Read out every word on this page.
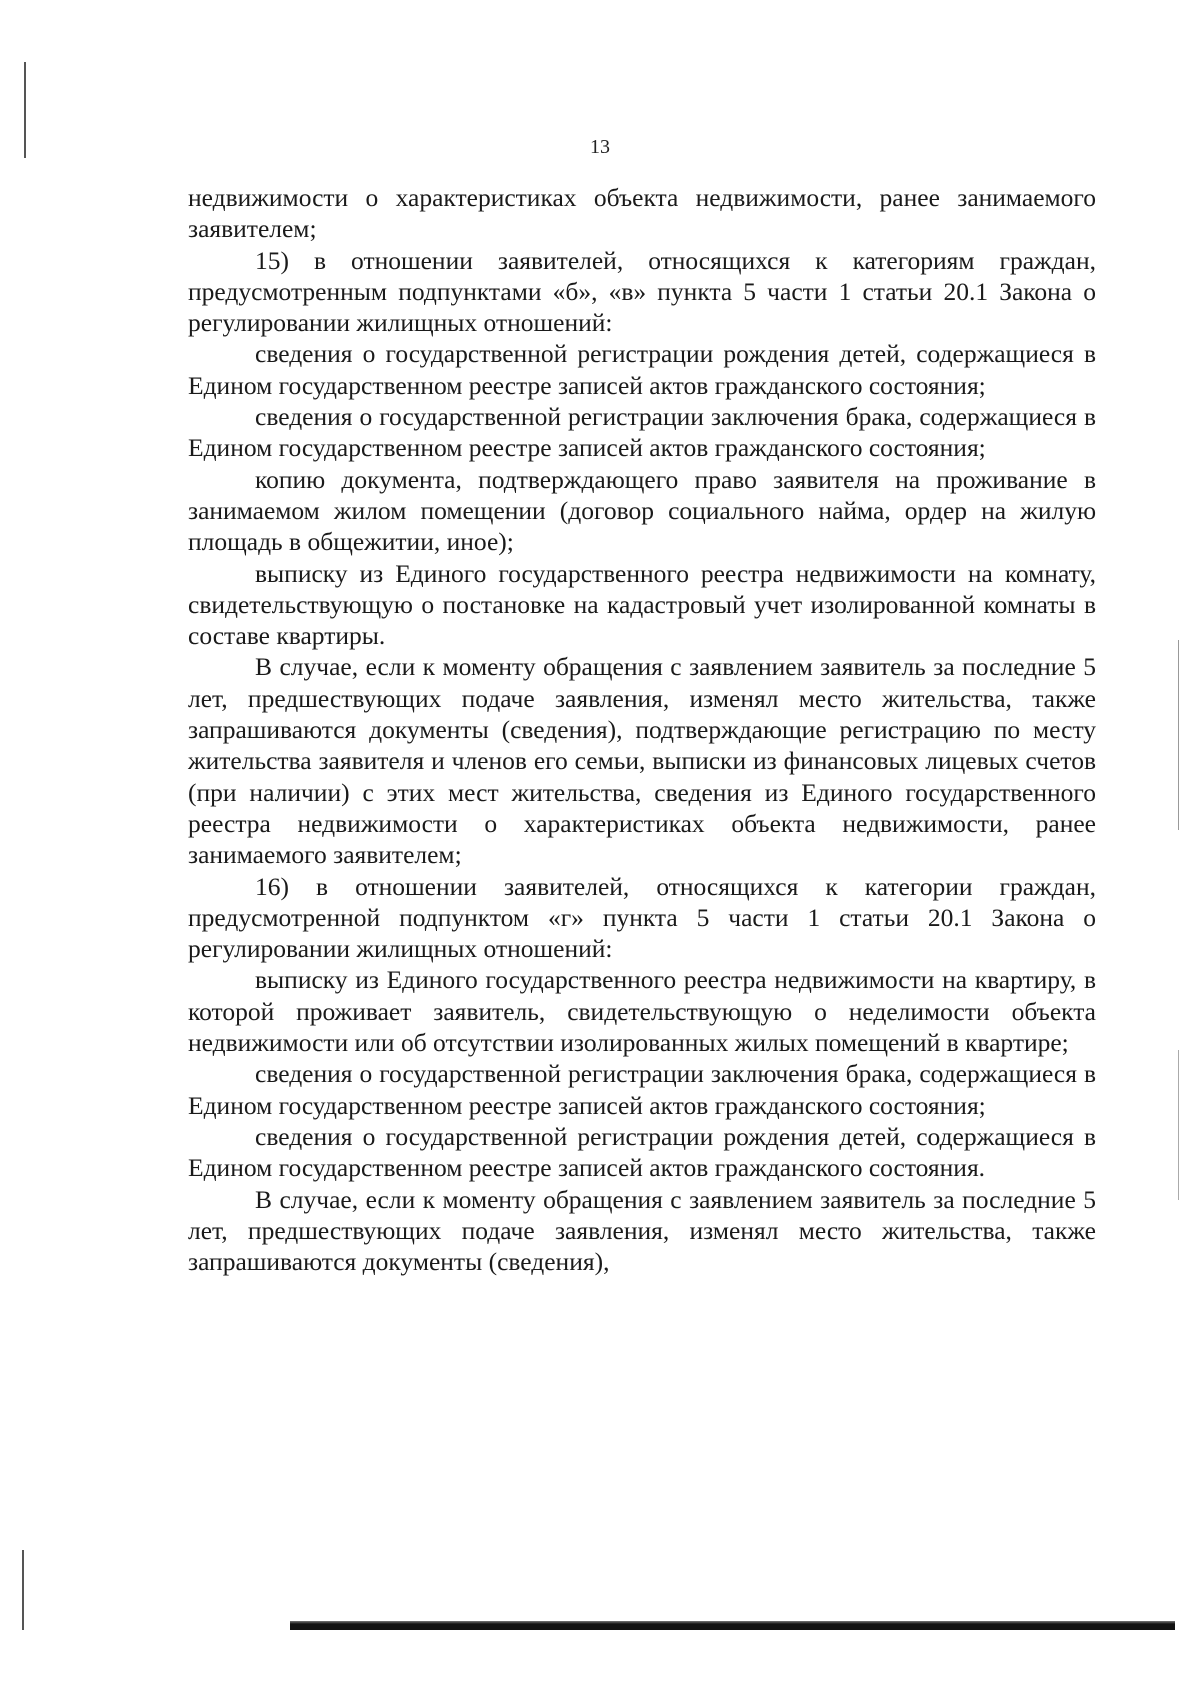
13

недвижимости о характеристиках объекта недвижимости, ранее занимаемого заявителем;

15) в отношении заявителей, относящихся к категориям граждан, предусмотренным подпунктами «б», «в» пункта 5 части 1 статьи 20.1 Закона о регулировании жилищных отношений:

сведения о государственной регистрации рождения детей, содержащиеся в Едином государственном реестре записей актов гражданского состояния;

сведения о государственной регистрации заключения брака, содержащиеся в Едином государственном реестре записей актов гражданского состояния;

копию документа, подтверждающего право заявителя на проживание в занимаемом жилом помещении (договор социального найма, ордер на жилую площадь в общежитии, иное);

выписку из Единого государственного реестра недвижимости на комнату, свидетельствующую о постановке на кадастровый учет изолированной комнаты в составе квартиры.

В случае, если к моменту обращения с заявлением заявитель за последние 5 лет, предшествующих подаче заявления, изменял место жительства, также запрашиваются документы (сведения), подтверждающие регистрацию по месту жительства заявителя и членов его семьи, выписки из финансовых лицевых счетов (при наличии) с этих мест жительства, сведения из Единого государственного реестра недвижимости о характеристиках объекта недвижимости, ранее занимаемого заявителем;

16) в отношении заявителей, относящихся к категории граждан, предусмотренной подпунктом «г» пункта 5 части 1 статьи 20.1 Закона о регулировании жилищных отношений:

выписку из Единого государственного реестра недвижимости на квартиру, в которой проживает заявитель, свидетельствующую о неделимости объекта недвижимости или об отсутствии изолированных жилых помещений в квартире;

сведения о государственной регистрации заключения брака, содержащиеся в Едином государственном реестре записей актов гражданского состояния;

сведения о государственной регистрации рождения детей, содержащиеся в Едином государственном реестре записей актов гражданского состояния.

В случае, если к моменту обращения с заявлением заявитель за последние 5 лет, предшествующих подаче заявления, изменял место жительства, также запрашиваются документы (сведения),
